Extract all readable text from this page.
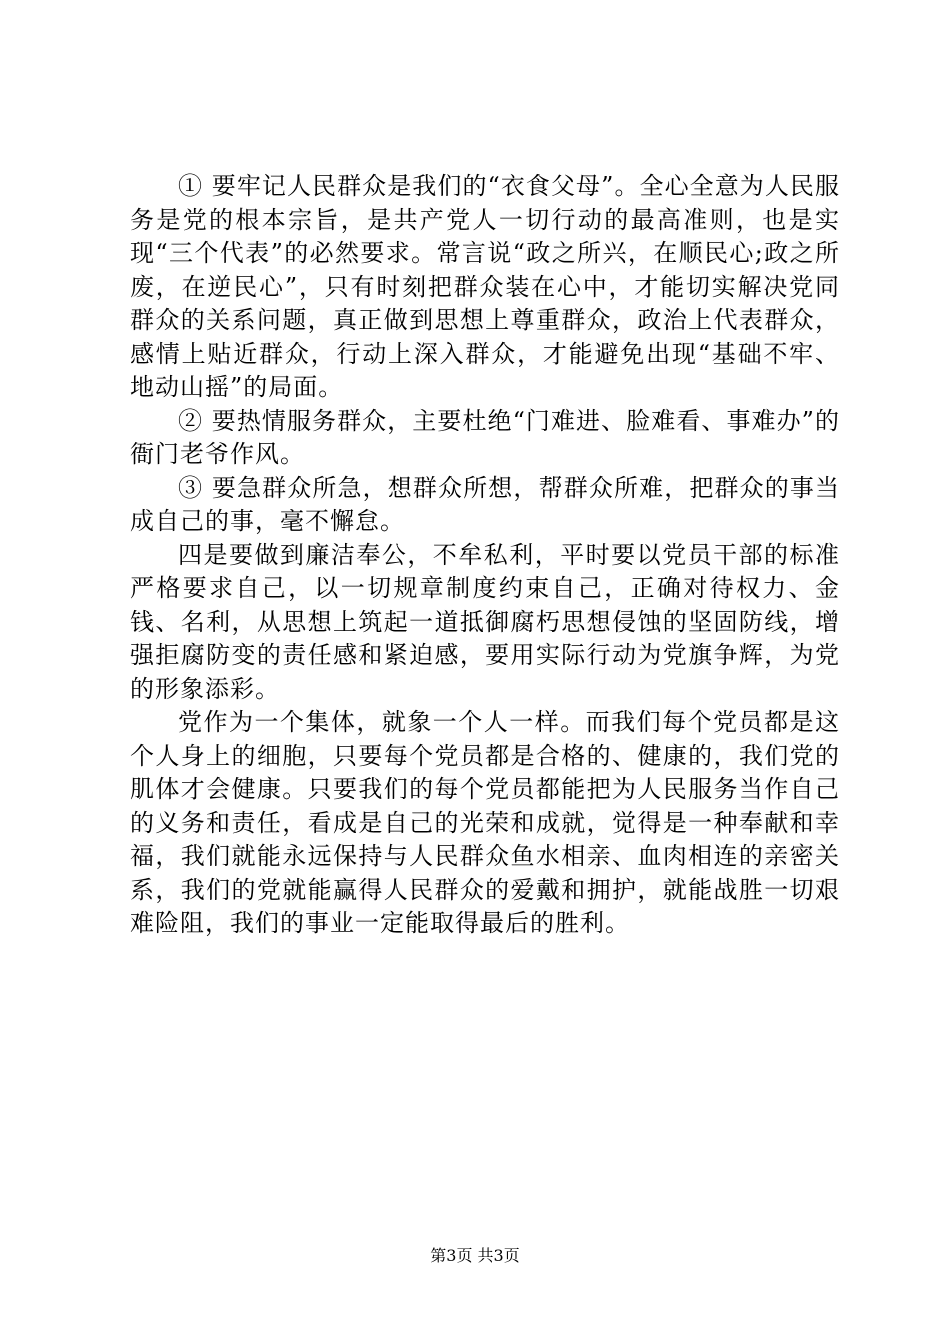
① 要牢记人民群众是我们的“衣食父母”。全心全意为人民服务是党的根本宗旨，是共产党人一切行动的最高准则，也是实现“三个代表”的必然要求。常言说“政之所兴，在顺民心;政之所废，在逆民心”，只有时刻把群众装在心中，才能切实解决党同群众的关系问题，真正做到思想上尊重群众，政治上代表群众，感情上贴近群众，行动上深入群众，才能避免出现“基础不牢、地动山摇”的局面。

② 要热情服务群众，主要杜绝“门难进、脸难看、事难办”的衙门老爷作风。

③ 要急群众所急，想群众所想，帮群众所难，把群众的事当成自己的事，毫不懈怠。

四是要做到廉洁奉公，不牟私利，平时要以党员干部的标准严格要求自己，以一切规章制度约束自己，正确对待权力、金钱、名利，从思想上筑起一道抵御腐朽思想侵蚀的坚固防线，增强拒腐防变的责任感和紧迫感，要用实际行动为党旗争辉，为党的形象添彩。

党作为一个集体，就象一个人一样。而我们每个党员都是这个人身上的细胞，只要每个党员都是合格的、健康的，我们党的肌体才会健康。只要我们的每个党员都能把为人民服务当作自己的义务和责任，看成是自己的光荣和成就，觉得是一种奉献和幸福，我们就能永远保持与人民群众鱼水相亲、血肉相连的亲密关系，我们的党就能赢得人民群众的爱戴和拥护，就能战胜一切艰难险阻，我们的事业一定能取得最后的胜利。

第3页 共3页
